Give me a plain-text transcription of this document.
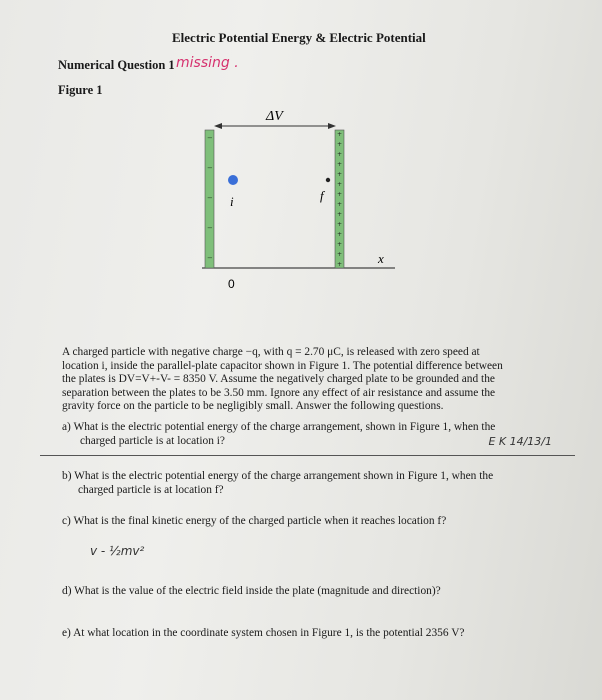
Electric Potential Energy & Electric Potential
Numerical Question 1 missing .
Figure 1
+
+
+
+
+
+
+
+
+
+
+
+
+
+
−
−
−
−
−
ΔV
i	f
x
0
A charged particle with negative charge −q, with q = 2.70 μC, is released with zero speed at
location i, inside the parallel-plate capacitor shown in Figure 1. The potential difference between
the plates is DV=V+-V- = 8350 V. Assume the negatively charged plate to be grounded and the
separation between the plates to be 3.50 mm. Ignore any effect of air resistance and assume the
gravity force on the particle to be negligibly small. Answer the following questions.
a) What is the electric potential energy of the charge arrangement, shown in Figure 1, when the
charged particle is at location i?	E K 14/13/1
b) What is the electric potential energy of the charge arrangement shown in Figure 1, when the
charged particle is at location f?
c) What is the final kinetic energy of the charged particle when it reaches location f?
v - ½mv²
d) What is the value of the electric field inside the plate (magnitude and direction)?
e) At what location in the coordinate system chosen in Figure 1, is the potential 2356 V?
